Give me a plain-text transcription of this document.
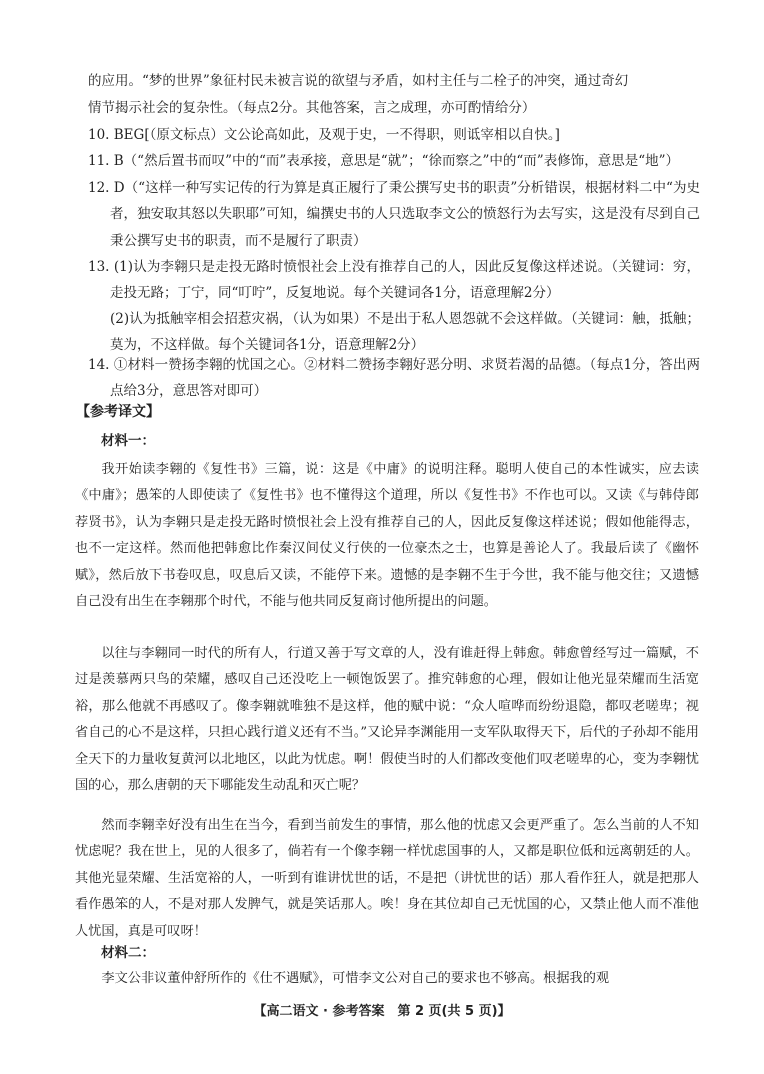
的应用。“梦的世界”象征村民未被言说的欲望与矛盾，如村主任与二栓子的冲突，通过奇幻

情节揭示社会的复杂性。（每点2分。其他答案，言之成理，亦可酌情给分）

10. BEG[（原文标点）文公论高如此，及观于史，一不得职，则诋宰相以自快。]

11. B（“然后置书而叹”中的“而”表承接，意思是“就”；“徐而察之”中的“而”表修饰，意思是“地”）

12. D（“这样一种写实记传的行为算是真正履行了秉公撰写史书的职责”分析错误，根据材料二中“为史者，独安取其怒以失职耶”可知，编撰史书的人只选取李文公的愤怒行为去写实，这是没有尽到自己秉公撰写史书的职责，而不是履行了职责）

13. (1)认为李翱只是走投无路时愤恨社会上没有推荐自己的人，因此反复像这样述说。（关键词：穷，走投无路；丁宁，同“叮咛”，反复地说。每个关键词各1分，语意理解2分）

(2)认为抵触宰相会招惹灾祸，（认为如果）不是出于私人恩怨就不会这样做。（关键词：触，抵触；莫为，不这样做。每个关键词各1分，语意理解2分）

14. ①材料一赞扬李翱的忧国之心。②材料二赞扬李翱好恶分明、求贤若渴的品德。（每点1分，答出两点给3分，意思答对即可）

【参考译文】

材料一：

我开始读李翱的《复性书》三篇，说：这是《中庸》的说明注释。聪明人使自己的本性诚实，应去读《中庸》；愚笨的人即使读了《复性书》也不懂得这个道理，所以《复性书》不作也可以。又读《与韩侍郎荐贤书》，认为李翱只是走投无路时愤恨社会上没有推荐自己的人，因此反复像这样述说；假如他能得志，也不一定这样。然而他把韩愈比作秦汉间仗义行侠的一位豪杰之士，也算是善论人了。我最后读了《幽怀赋》，然后放下书卷叹息，叹息后又读，不能停下来。遗憾的是李翱不生于今世，我不能与他交往；又遗憾自己没有出生在李翱那个时代，不能与他共同反复商讨他所提出的问题。

以往与李翱同一时代的所有人，行道又善于写文章的人，没有谁赶得上韩愈。韩愈曾经写过一篇赋，不过是羡慕两只鸟的荣耀，感叹自己还没吃上一顿饱饭罢了。推究韩愈的心理，假如让他光显荣耀而生活宽裕，那么他就不再感叹了。像李翱就唯独不是这样，他的赋中说：“众人喧哗而纷纷退隐，都叹老嗟卑；视省自己的心不是这样，只担心践行道义还有不当。”又论异李渊能用一支军队取得天下，后代的子孙却不能用全天下的力量收复黄河以北地区，以此为忧虑。啊！假使当时的人们都改变他们叹老嗟卑的心，变为李翱忧国的心，那么唐朝的天下哪能发生动乱和灭亡呢？

然而李翱幸好没有出生在当今，看到当前发生的事情，那么他的忧虑又会更严重了。怎么当前的人不知忧虑呢？我在世上，见的人很多了，倘若有一个像李翱一样忧虑国事的人，又都是职位低和远离朝廷的人。其他光显荣耀、生活宽裕的人，一听到有谁讲忧世的话，不是把（讲忧世的话）那人看作狂人，就是把那人看作愚笨的人，不是对那人发脾气，就是笑话那人。唉！身在其位却自己无忧国的心，又禁止他人而不准他人忧国，真是可叹呀！

材料二：

李文公非议董仲舒所作的《仕不遇赋》，可惜李文公对自己的要求也不够高。根据我的观

【高二语文 · 参考答案　第 2 页(共 5 页)】
